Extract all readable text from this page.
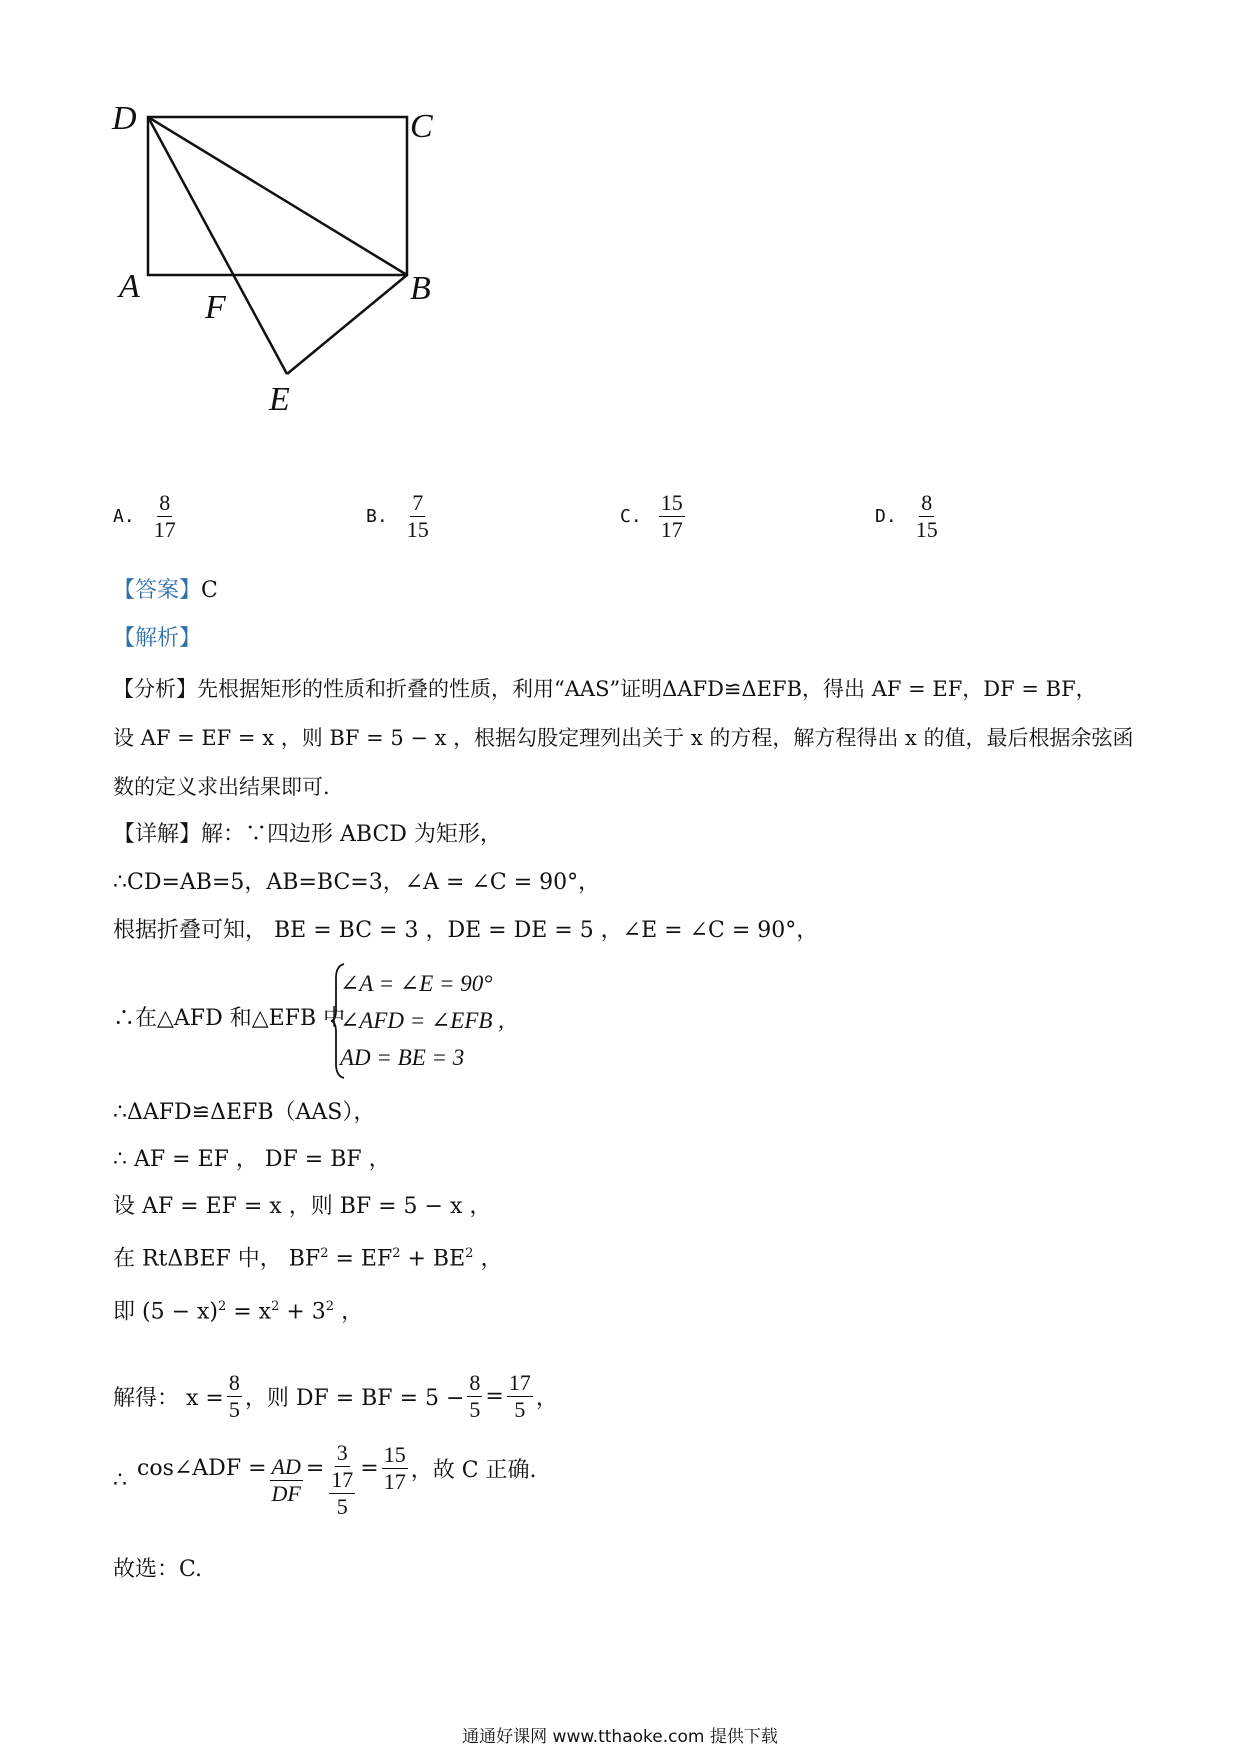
D	C
A	B
F
E
A. $\frac{8}{17}$	B. $\frac{7}{15}$	C. $\frac{15}{17}$	D. $\frac{8}{15}$
【答案】C
【解析】
【分析】先根据矩形的性质和折叠的性质，利用“AAS”证明ΔAFD≌ΔEFB，得出 AF = EF，DF = BF，
设 AF = EF = x ，则 BF = 5 − x ，根据勾股定理列出关于 x 的方程，解方程得出 x 的值，最后根据余弦函
数的定义求出结果即可.
【详解】解：∵四边形 ABCD 为矩形，
∴CD=AB=5，AB=BC=3，∠A = ∠C = 90°，
根据折叠可知， BE = BC = 3 ，DE = DE = 5 ，∠E = ∠C = 90°，
∴在△AFD 和△EFB 中
∠A = ∠E = 90°
∠AFD = ∠EFB ,
AD = BE = 3
∴ΔAFD≌ΔEFB（AAS），
∴ AF = EF ， DF = BF ，
设 AF = EF = x ，则 BF = 5 − x ，
在 RtΔBEF 中， $BF^2 = EF^2 + BE^2$ ，
即 $(5 - x)^2 = x^2 + 3^2$ ，
解得： $x = \frac{8}{5}$ ，则 DF = BF = $5 - \frac{8}{5} = \frac{17}{5}$ ，
∴ cos∠ADF = $\frac{AD}{DF} = 3$
17
$5 = \frac{15}{17}$ ，故 C 正确.
故选：C.
通通好课网 www.tthaoke.com 提供下载
